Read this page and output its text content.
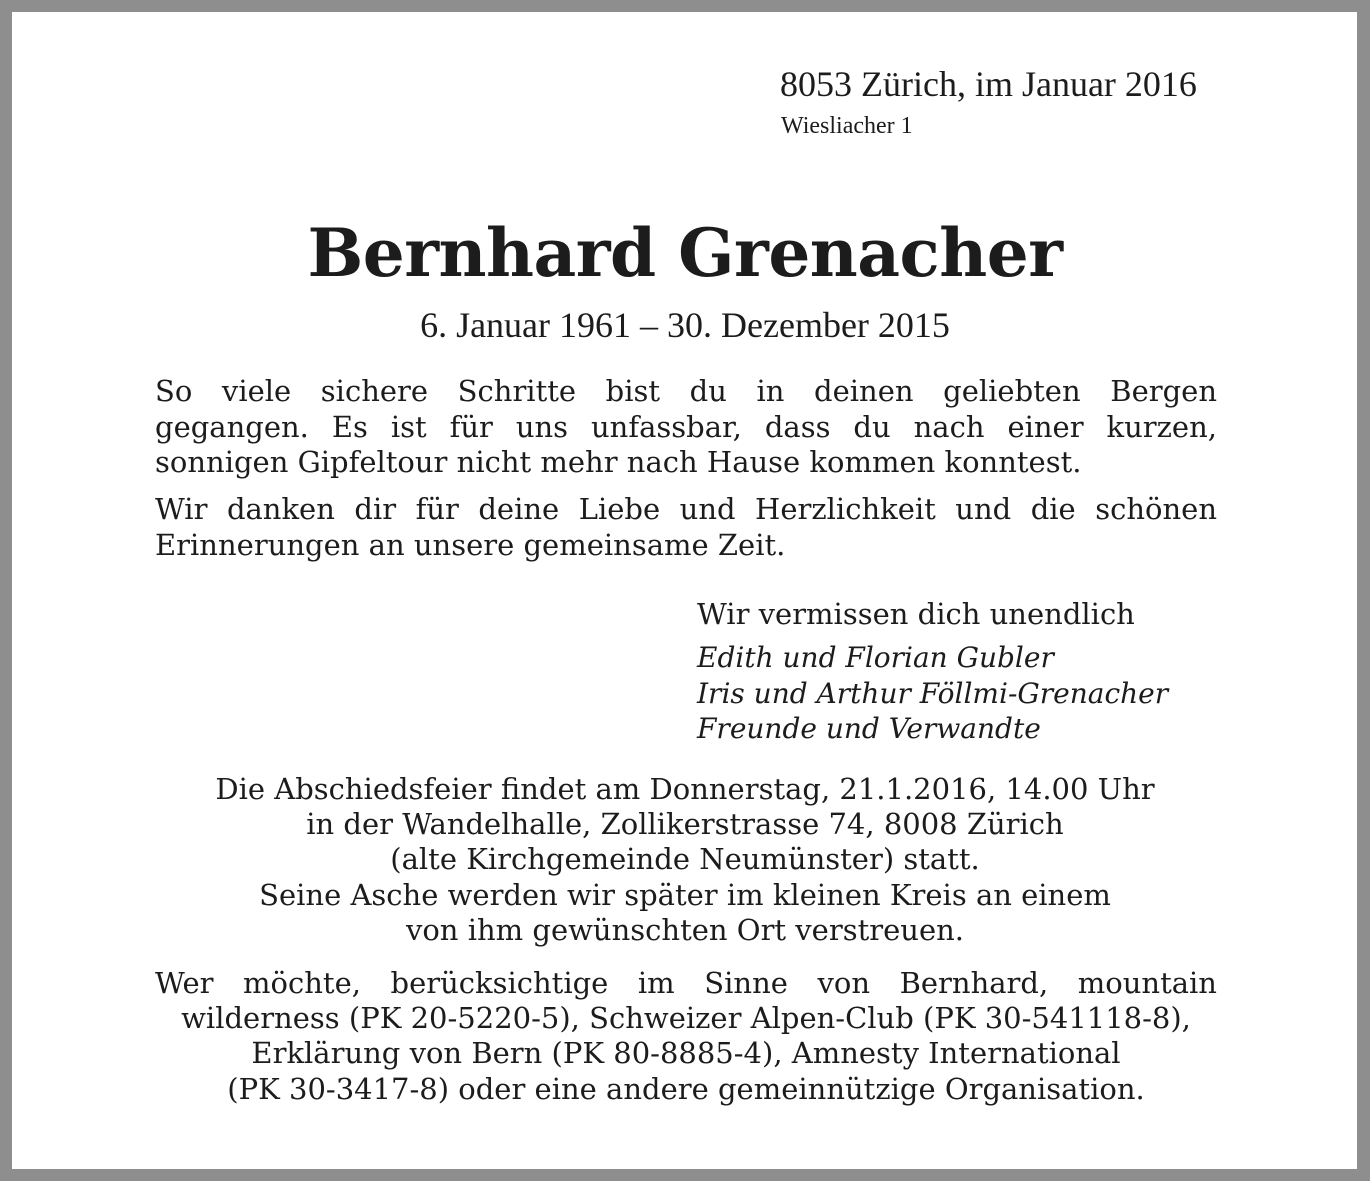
8053 Zürich, im Januar 2016

Wiesliacher 1

Bernhard Grenacher

6. Januar 1961 – 30. Dezember 2015

So viele sichere Schritte bist du in deinen geliebten Bergen
gegangen. Es ist für uns unfassbar, dass du nach einer kurzen,
sonnigen Gipfeltour nicht mehr nach Hause kommen konntest.
Wir danken dir für deine Liebe und Herzlichkeit und die schönen
Erinnerungen an unsere gemeinsame Zeit.

Wir vermissen dich unendlich

Edith und Florian Gubler
Iris und Arthur Föllmi-Grenacher
Freunde und Verwandte
Die Abschiedsfeier findet am Donnerstag, 21.1.2016, 14.00 Uhr
in der Wandelhalle, Zollikerstrasse 74, 8008 Zürich
(alte Kirchgemeinde Neumünster) statt.
Seine Asche werden wir später im kleinen Kreis an einem
von ihm gewünschten Ort verstreuen.
Wer möchte, berücksichtige im Sinne von Bernhard, mountain
wilderness (PK 20-5220-5), Schweizer Alpen-Club (PK 30-541118-8),
Erklärung von Bern (PK 80-8885-4), Amnesty International
(PK 30-3417-8) oder eine andere gemeinnützige Organisation.
